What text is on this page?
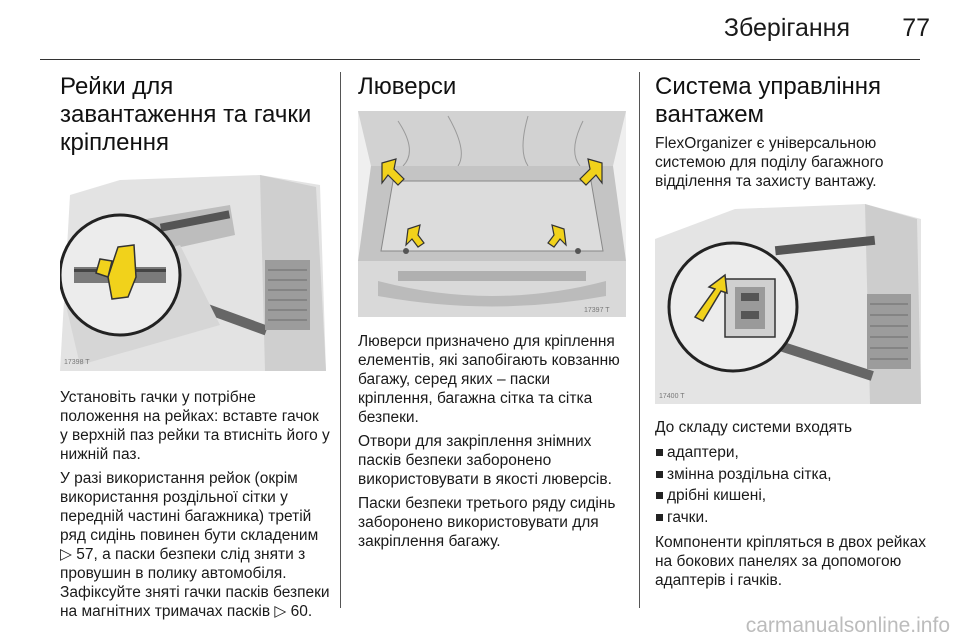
Зберігання	77
Рейки для завантаження та гачки кріплення
17398 T

Установіть гачки у потрібне положення на рейках: вставте гачок у верхній паз рейки та втисніть його у нижній паз.

У разі використання рейок (окрім використання роздільної сітки у передній частині багажника) третій ряд сидінь повинен бути складеним ▷ 57, а паски безпеки слід зняти з провушин в полику автомобіля. Зафіксуйте зняті гачки пасків безпеки на магнітних тримачах пасків ▷ 60.

Люверси
17397 T

Люверси призначено для кріплення елементів, які запобігають ковзанню багажу, серед яких – паски кріплення, багажна сітка та сітка безпеки.

Отвори для закріплення знімних пасків безпеки заборонено використовувати в якості люверсів.

Паски безпеки третього ряду сидінь заборонено використовувати для закріплення багажу.

Система управління вантажем

FlexOrganizer є універсальною системою для поділу багажного відділення та захисту вантажу.

17400 T

До складу системи входять

адаптери,
змінна роздільна сітка,
дрібні кишені,
гачки.

Компоненти кріпляться в двох рейках на бокових панелях за допомогою адаптерів і гачків.

carmanualsonline.info
